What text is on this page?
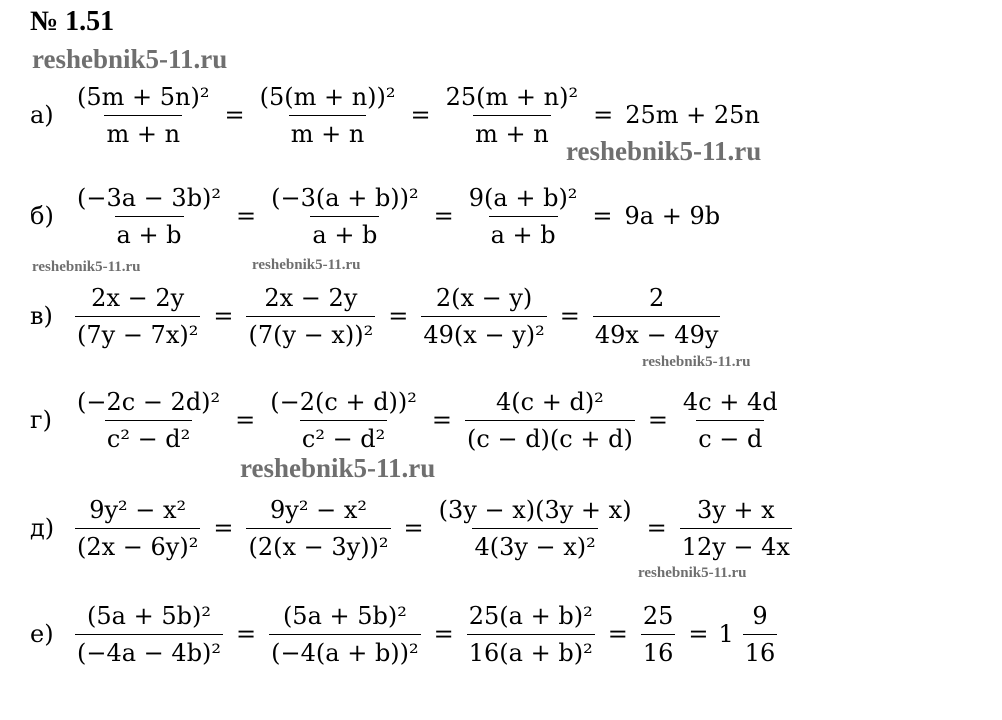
№ 1.51
reshebnik5-11.ru
reshebnik5-11.ru
reshebnik5-11.ru	reshebnik5-11.ru
reshebnik5-11.ru
reshebnik5-11.ru
reshebnik5-11.ru
$а) \frac{\text{(5m + 5n)²}}{m + n} = \frac{\text{(5(m + n))²}}{m + n} = \frac{\text{25(m + n)²}}{m + n} = 25m + 25n$
$б) \frac{\text{(−3a − 3b)²}}{a + b} = \frac{\text{(−3(a + b))²}}{a + b} = \frac{\text{9(a + b)²}}{a + b} = 9a + 9b$
$в) \frac{2x - 2y}{\text{(7y − 7x)²}} = \frac{2x - 2y}{\text{(7(y − x))²}} = \frac{2(x - y)}{\text{49(x − y)²}} = \frac{2}{49x - 49y}$
$г) \frac{\text{(−2c − 2d)²}}{\text{c² − d²}} = \frac{\text{(−2(c + d))²}}{\text{c² − d²}} = \frac{\text{4(c + d)²}}{(c - d)(c + d)} = \frac{4c + 4d}{c - d}$
$д) \frac{\text{9y² − x²}}{\text{(2x − 6y)²}} = \frac{\text{9y² − x²}}{\text{(2(x − 3y))²}} = \frac{(3y - x)(3y + x)}{\text{4(3y − x)²}} = \frac{3y + x}{12y - 4x}$
$е) \frac{\text{(5a + 5b)²}}{\text{(−4a − 4b)²}} = \frac{\text{(5a + 5b)²}}{\text{(−4(a + b))²}} = \frac{\text{25(a + b)²}}{\text{16(a + b)²}} = \frac{25}{16} = 1 \frac{9}{16}$
